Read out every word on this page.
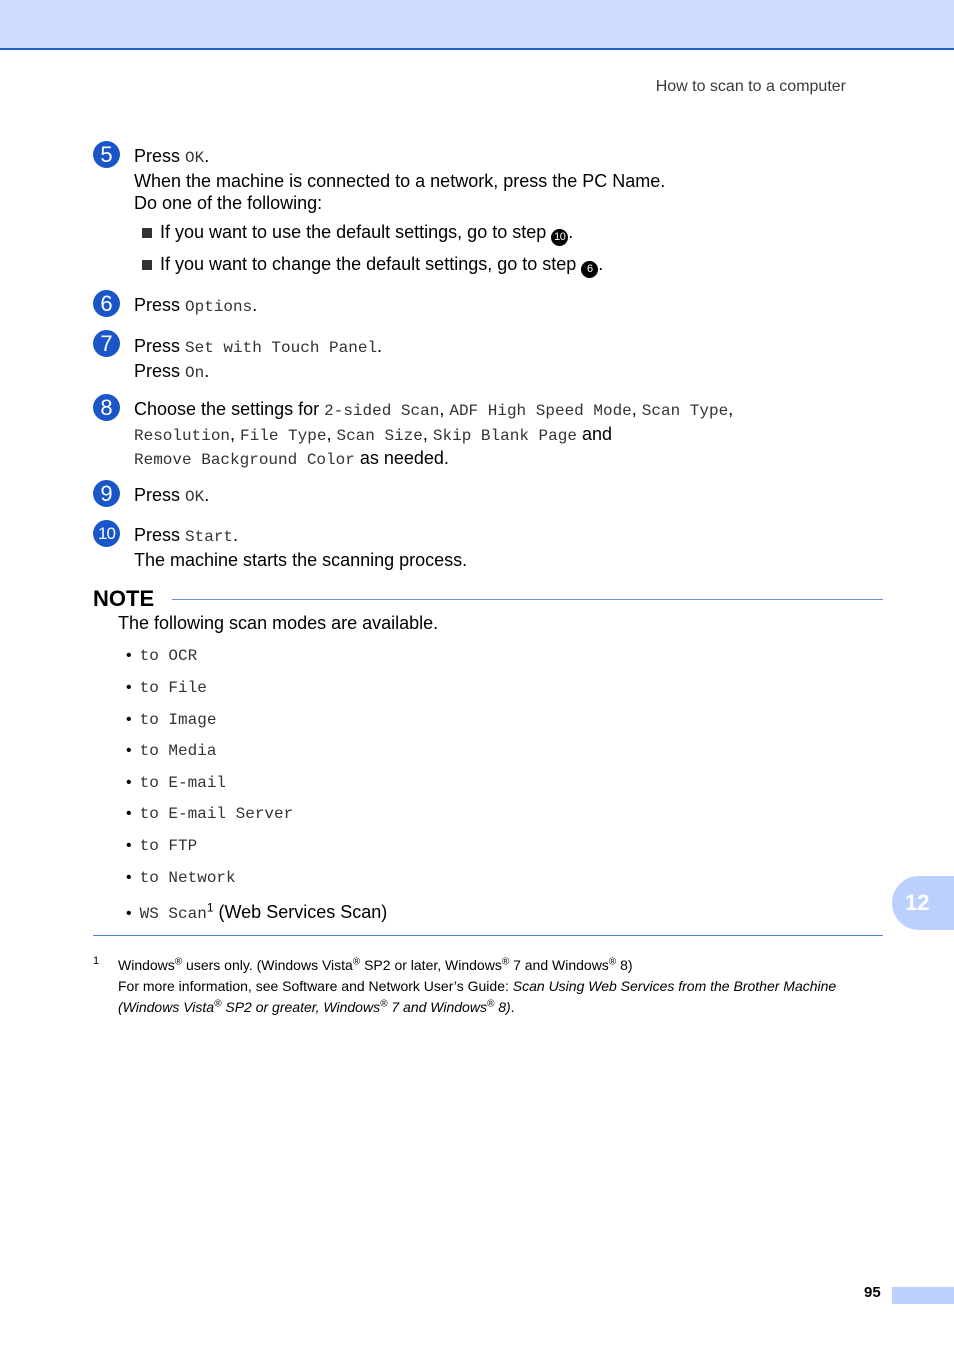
How to scan to a computer
5	Press OK.
When the machine is connected to a network, press the PC Name.
Do one of the following:
If you want to use the default settings, go to step 10 .
If you want to change the default settings, go to step 6 .
6	Press Options.
7	Press Set with Touch Panel.
Press On.
8	Choose the settings for 2-sided Scan, ADF High Speed Mode, Scan Type,
Resolution, File Type, Scan Size, Skip Blank Page and
Remove Background Color as needed.
9	Press OK.
10 Press Start.
The machine starts the scanning process.
NOTE
The following scan modes are available.
• to OCR
• to File
• to Image
• to Media
• to E-mail
• to E-mail Server
• to FTP
• to Network
• WS Scan$^1$ (Web Services Scan)	12
1 Windows® users only. (Windows Vista® SP2 or later, Windows® 7 and Windows® 8)
For more information, see Software and Network User’s Guide: Scan Using Web Services from the Brother Machine
(Windows Vista® SP2 or greater, Windows® 7 and Windows® 8).
95
